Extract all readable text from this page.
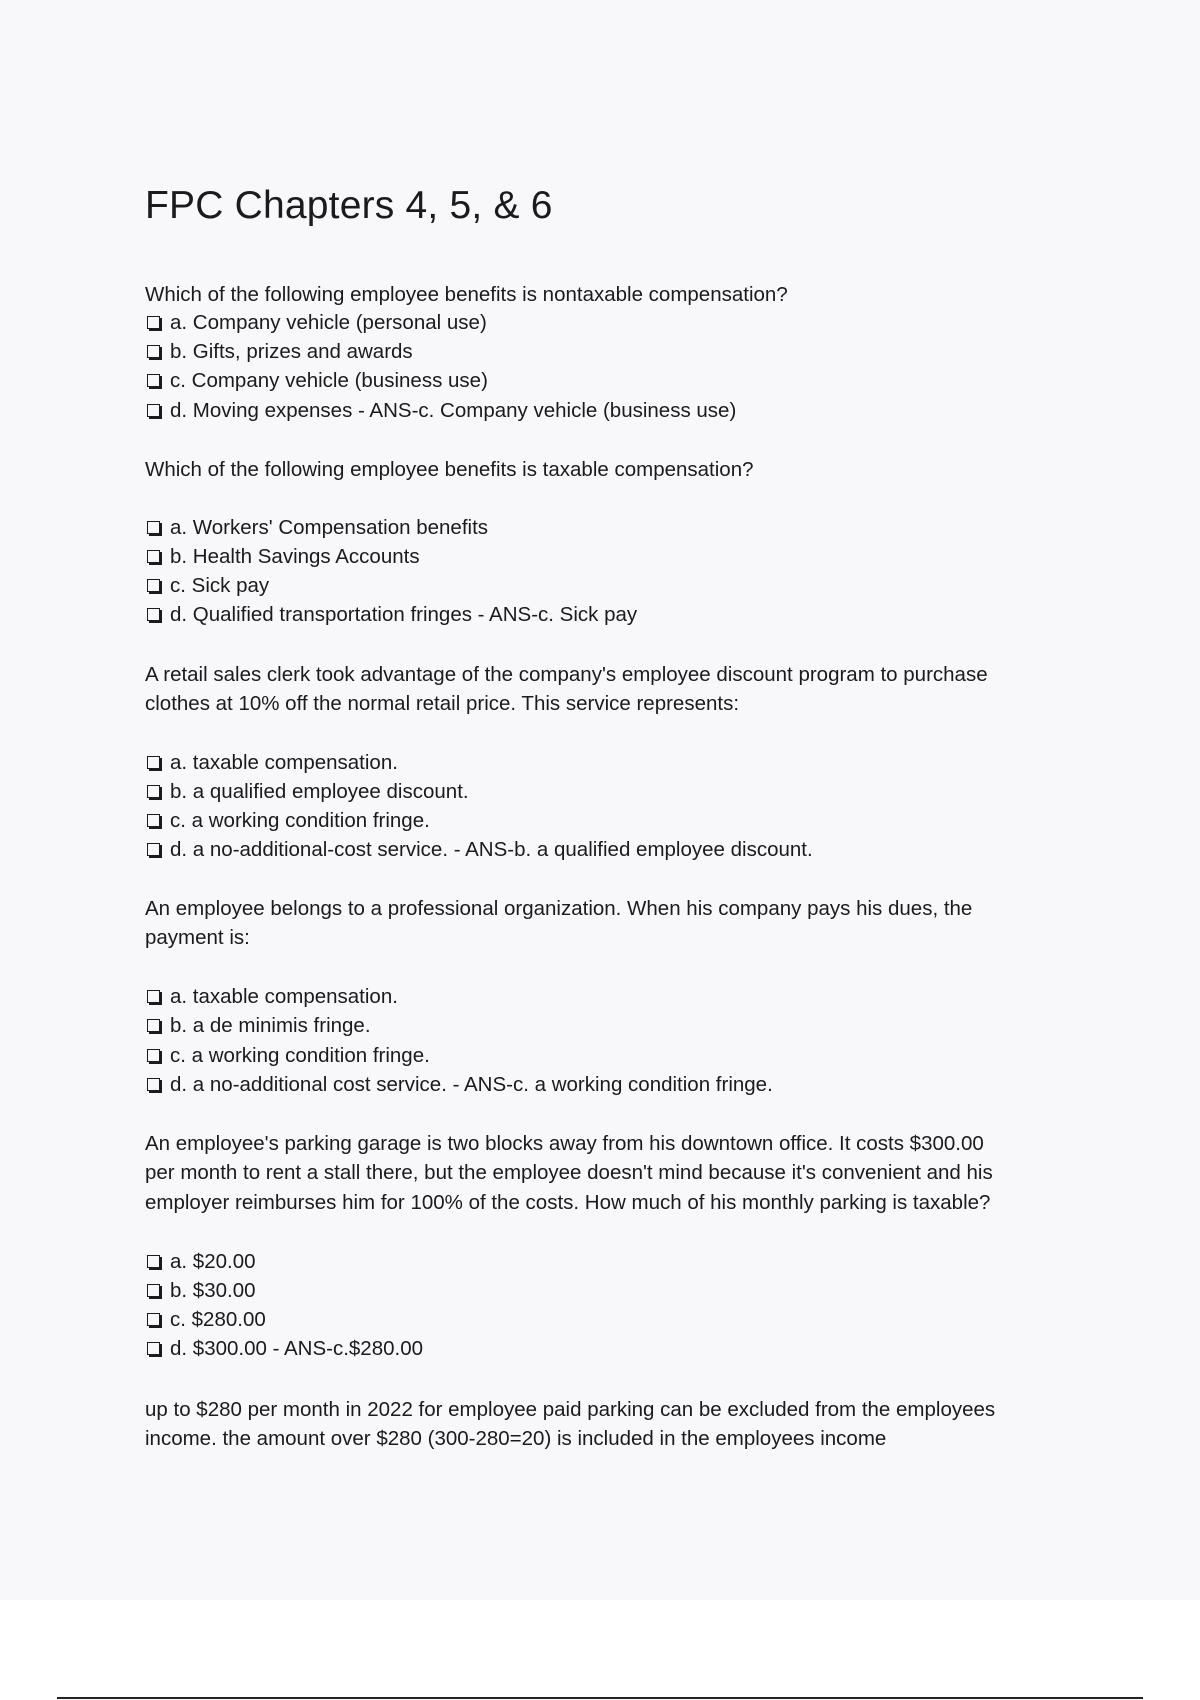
FPC Chapters 4, 5, & 6
Which of the following employee benefits is nontaxable compensation?
a. Company vehicle (personal use)
b. Gifts, prizes and awards
c. Company vehicle (business use)
d. Moving expenses - ANS-c. Company vehicle (business use)
Which of the following employee benefits is taxable compensation?
a. Workers' Compensation benefits
b. Health Savings Accounts
c. Sick pay
d. Qualified transportation fringes - ANS-c. Sick pay
A retail sales clerk took advantage of the company's employee discount program to purchase
clothes at 10% off the normal retail price. This service represents:
a. taxable compensation.
b. a qualified employee discount.
c. a working condition fringe.
d. a no-additional-cost service. - ANS-b. a qualified employee discount.
An employee belongs to a professional organization. When his company pays his dues, the
payment is:
a. taxable compensation.
b. a de minimis fringe.
c. a working condition fringe.
d. a no-additional cost service. - ANS-c. a working condition fringe.
An employee's parking garage is two blocks away from his downtown office. It costs $300.00
per month to rent a stall there, but the employee doesn't mind because it's convenient and his
employer reimburses him for 100% of the costs. How much of his monthly parking is taxable?
a. $20.00
b. $30.00
c. $280.00
d. $300.00 - ANS-c.$280.00
up to $280 per month in 2022 for employee paid parking can be excluded from the employees
income. the amount over $280 (300-280=20) is included in the employees income
